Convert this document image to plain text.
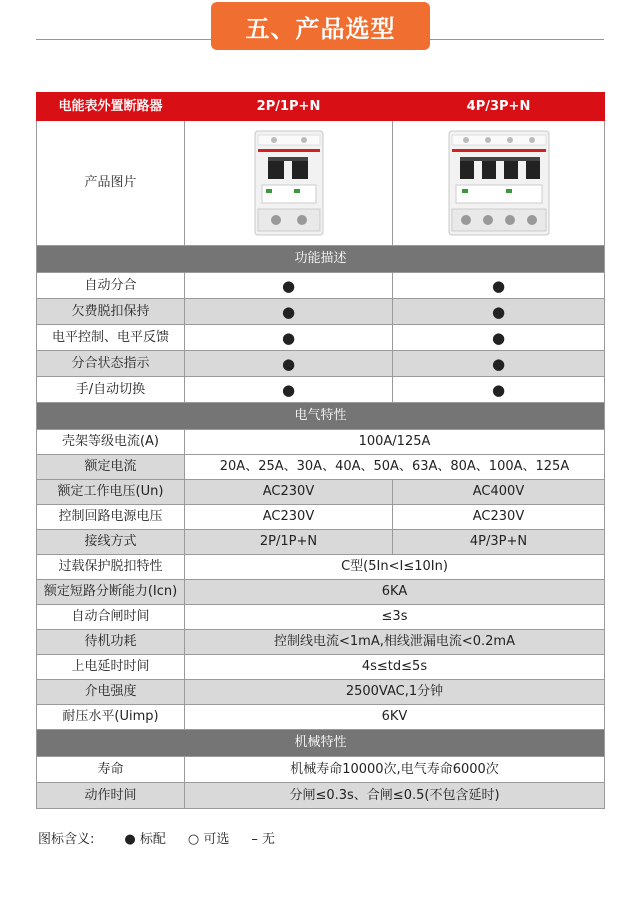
五、产品选型
电能表外置断路器	2P/1P+N	4P/3P+N
产品图片	

功能描述		
自动分合	●	●
欠费脱扣保持	●	●
电平控制、电平反馈	●	●
分合状态指示	●	●
手/自动切换	●	●
电气特性		
壳架等级电流(A)	100A/125A	
额定电流	20A、25A、30A、40A、50A、63A、80A、100A、125A	
额定工作电压(Un)	AC230V	AC400V
控制回路电源电压	AC230V	AC230V
接线方式	2P/1P+N	4P/3P+N
过载保护脱扣特性	C型(5In<I≤10In)	
额定短路分断能力(Icn)	6KA	
自动合闸时间	≤3s	
待机功耗	控制线电流<1mA,相线泄漏电流<0.2mA	
上电延时时间	4s≤td≤5s	
介电强度	2500VAC,1分钟	
耐压水平(Uimp)	6KV	
机械特性		
寿命	机械寿命10000次,电气寿命6000次	
动作时间	分闸≤0.3s、合闸≤0.5(不包含延时)	
图标含义: ● 标配 ○ 可选 – 无
